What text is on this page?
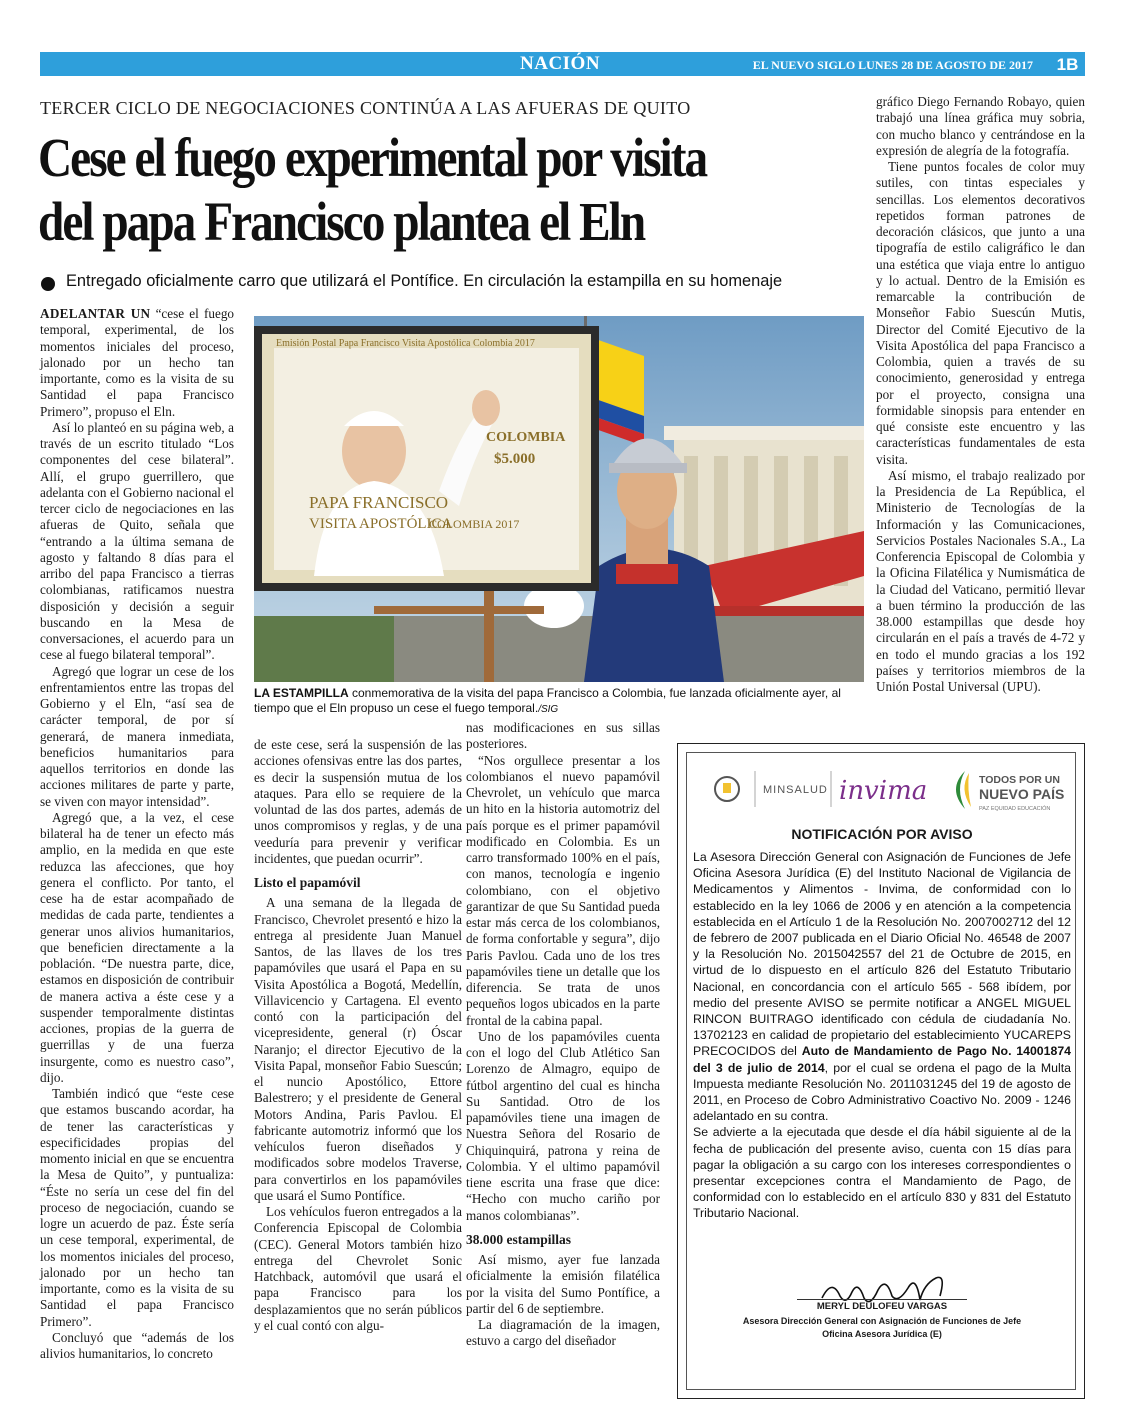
NACIÓN	EL NUEVO SIGLO LUNES 28 DE AGOSTO DE 2017	1B
TERCER CICLO DE NEGOCIACIONES CONTINÚA A LAS AFUERAS DE QUITO
Cese el fuego experimental por visita
del papa Francisco plantea el Eln
Entregado oficialmente carro que utilizará el Pontífice. En circulación la estampilla en su homenaje

ADELANTAR UN “cese el fuego temporal, experimental, de los momentos iniciales del proceso, jalonado por un hecho tan importante, como es la visita de su Santidad el papa Francisco Primero”, propuso el Eln.

Así lo planteó en su página web, a través de un escrito titulado “Los componentes del cese bilateral”. Allí, el grupo guerrillero, que adelanta con el Gobierno nacional el tercer ciclo de negociaciones en las afueras de Quito, señala que “entrando a la última semana de agosto y faltando 8 días para el arribo del papa Francisco a tierras colombianas, ratificamos nuestra disposición y decisión a seguir buscando en la Mesa de conversaciones, el acuerdo para un cese al fuego bilateral temporal”.

Agregó que lograr un cese de los enfrentamientos entre las tropas del Gobierno y el Eln, “así sea de carácter temporal, de por sí generará, de manera inmediata, beneficios humanitarios para aquellos territorios en donde las acciones militares de parte y parte, se viven con mayor intensidad”.

Agregó que, a la vez, el cese bilateral ha de tener un efecto más amplio, en la medida en que este reduzca las afecciones, que hoy genera el conflicto. Por tanto, el cese ha de estar acompañado de medidas de cada parte, tendientes a generar unos alivios humanitarios, que beneficien directamente a la población. “De nuestra parte, dice, estamos en disposición de contribuir de manera activa a éste cese y a suspender temporalmente distintas acciones, propias de la guerra de guerrillas y de una fuerza insurgente, como es nuestro caso”, dijo.

También indicó que “este cese que estamos buscando acordar, ha de tener las características y especificidades propias del momento inicial en que se encuentra la Mesa de Quito”, y puntualiza: “Éste no sería un cese del fin del proceso de negociación, cuando se logre un acuerdo de paz. Éste sería un cese temporal, experimental, de los momentos iniciales del proceso, jalonado por un hecho tan importante, como es la visita de su Santidad el papa Francisco Primero”.

Concluyó que “además de los alivios humanitarios, lo concreto

COLOMBIA
$5.000
Emisión Postal Papa Francisco Visita Apostólica Colombia 2017
PAPA FRANCISCO
VISITA APOSTÓLICA
COLOMBIA 2017
LA ESTAMPILLA conmemorativa de la visita del papa Francisco a Colombia, fue lanzada oficialmente ayer, al tiempo que el Eln propuso un cese el fuego temporal./SIG

de este cese, será la suspensión de las acciones ofensivas entre las dos partes, es decir la suspensión mutua de los ataques. Para ello se requiere de la voluntad de las dos partes, además de unos compromisos y reglas, y de una veeduría para prevenir y verificar incidentes, que puedan ocurrir”.

Listo el papamóvil

A una semana de la llegada de Francisco, Chevrolet presentó e hizo la entrega al presidente Juan Manuel Santos, de las llaves de los tres papamóviles que usará el Papa en su Visita Apostólica a Bogotá, Medellín, Villavicencio y Cartagena. El evento contó con la participación del vicepresidente, general (r) Óscar Naranjo; el director Ejecutivo de la Visita Papal, monseñor Fabio Suescún; el nuncio Apostólico, Ettore Balestrero; y el presidente de General Motors Andina, Paris Pavlou. El fabricante automotriz informó que los vehículos fueron diseñados y modificados sobre modelos Traverse, para convertirlos en los papamóviles que usará el Sumo Pontífice.

Los vehículos fueron entregados a la Conferencia Episcopal de Colombia (CEC). General Motors también hizo entrega del Chevrolet Sonic Hatchback, automóvil que usará el papa Francisco para los desplazamientos que no serán públicos y el cual contó con algu-

nas modificaciones en sus sillas posteriores.

“Nos orgullece presentar a los colombianos el nuevo papamóvil Chevrolet, un vehículo que marca un hito en la historia automotriz del país porque es el primer papamóvil modificado en Colombia. Es un carro transformado 100% en el país, con manos, tecnología e ingenio colombiano, con el objetivo garantizar de que Su Santidad pueda estar más cerca de los colombianos, de forma confortable y segura”, dijo Paris Pavlou. Cada uno de los tres papamóviles tiene un detalle que los diferencia. Se trata de unos pequeños logos ubicados en la parte frontal de la cabina papal.

Uno de los papamóviles cuenta con el logo del Club Atlético San Lorenzo de Almagro, equipo de fútbol argentino del cual es hincha Su Santidad. Otro de los papamóviles tiene una imagen de Nuestra Señora del Rosario de Chiquinquirá, patrona y reina de Colombia. Y el ultimo papamóvil tiene escrita una frase que dice: “Hecho con mucho cariño por manos colombianas”.

38.000 estampillas

Así mismo, ayer fue lanzada oficialmente la emisión filatélica por la visita del Sumo Pontífice, a partir del 6 de septiembre.

La diagramación de la imagen, estuvo a cargo del diseñador

gráfico Diego Fernando Robayo, quien trabajó una línea gráfica muy sobria, con mucho blanco y centrándose en la expresión de alegría de la fotografía.

Tiene puntos focales de color muy sutiles, con tintas especiales y sencillas. Los elementos decorativos repetidos forman patrones de decoración clásicos, que junto a una tipografía de estilo caligráfico le dan una estética que viaja entre lo antiguo y lo actual. Dentro de la Emisión es remarcable la contribución de Monseñor Fabio Suescún Mutis, Director del Comité Ejecutivo de la Visita Apostólica del papa Francisco a Colombia, quien a través de su conocimiento, generosidad y entrega por el proyecto, consigna una formidable sinopsis para entender en qué consiste este encuentro y las características fundamentales de esta visita.

Así mismo, el trabajo realizado por la Presidencia de La República, el Ministerio de Tecnologías de la Información y las Comunicaciones, Servicios Postales Nacionales S.A., La Conferencia Episcopal de Colombia y la Oficina Filatélica y Numismática de la Ciudad del Vaticano, permitió llevar a buen término la producción de las 38.000 estampillas que desde hoy circularán en el país a través de 4-72 y en todo el mundo gracias a los 192 países y territorios miembros de la Unión Postal Universal (UPU).

MINSALUD invima	TODOS POR UN
NUEVO PAÍS
PAZ EQUIDAD EDUCACIÓN
NOTIFICACIÓN POR AVISO

La Asesora Dirección General con Asignación de Funciones de Jefe Oficina Asesora Jurídica (E) del Instituto Nacional de Vigilancia de Medicamentos y Alimentos - Invima, de conformidad con lo establecido en la ley 1066 de 2006 y en atención a la competencia establecida en el Artículo 1 de la Resolución No. 2007002712 del 12 de febrero de 2007 publicada en el Diario Oficial No. 46548 de 2007 y la Resolución No. 2015042557 del 21 de Octubre de 2015, en virtud de lo dispuesto en el artículo 826 del Estatuto Tributario Nacional, en concordancia con el artículo 565 - 568 ibídem, por medio del presente AVISO se permite notificar a ANGEL MIGUEL RINCON BUITRAGO identificado con cédula de ciudadanía No. 13702123 en calidad de propietario del establecimiento YUCAREPS PRECOCIDOS del Auto de Mandamiento de Pago No. 14001874 del 3 de julio de 2014, por el cual se ordena el pago de la Multa Impuesta mediante Resolución No. 2011031245 del 19 de agosto de 2011, en Proceso de Cobro Administrativo Coactivo No. 2009 - 1246 adelantado en su contra.

Se advierte a la ejecutada que desde el día hábil siguiente al de la fecha de publicación del presente aviso, cuenta con 15 días para pagar la obligación a su cargo con los intereses correspondientes o presentar excepciones contra el Mandamiento de Pago, de conformidad con lo establecido en el artículo 830 y 831 del Estatuto Tributario Nacional.

MERYL DEULOFEU VARGAS
Asesora Dirección General con Asignación de Funciones de Jefe Oficina Asesora Jurídica (E)
